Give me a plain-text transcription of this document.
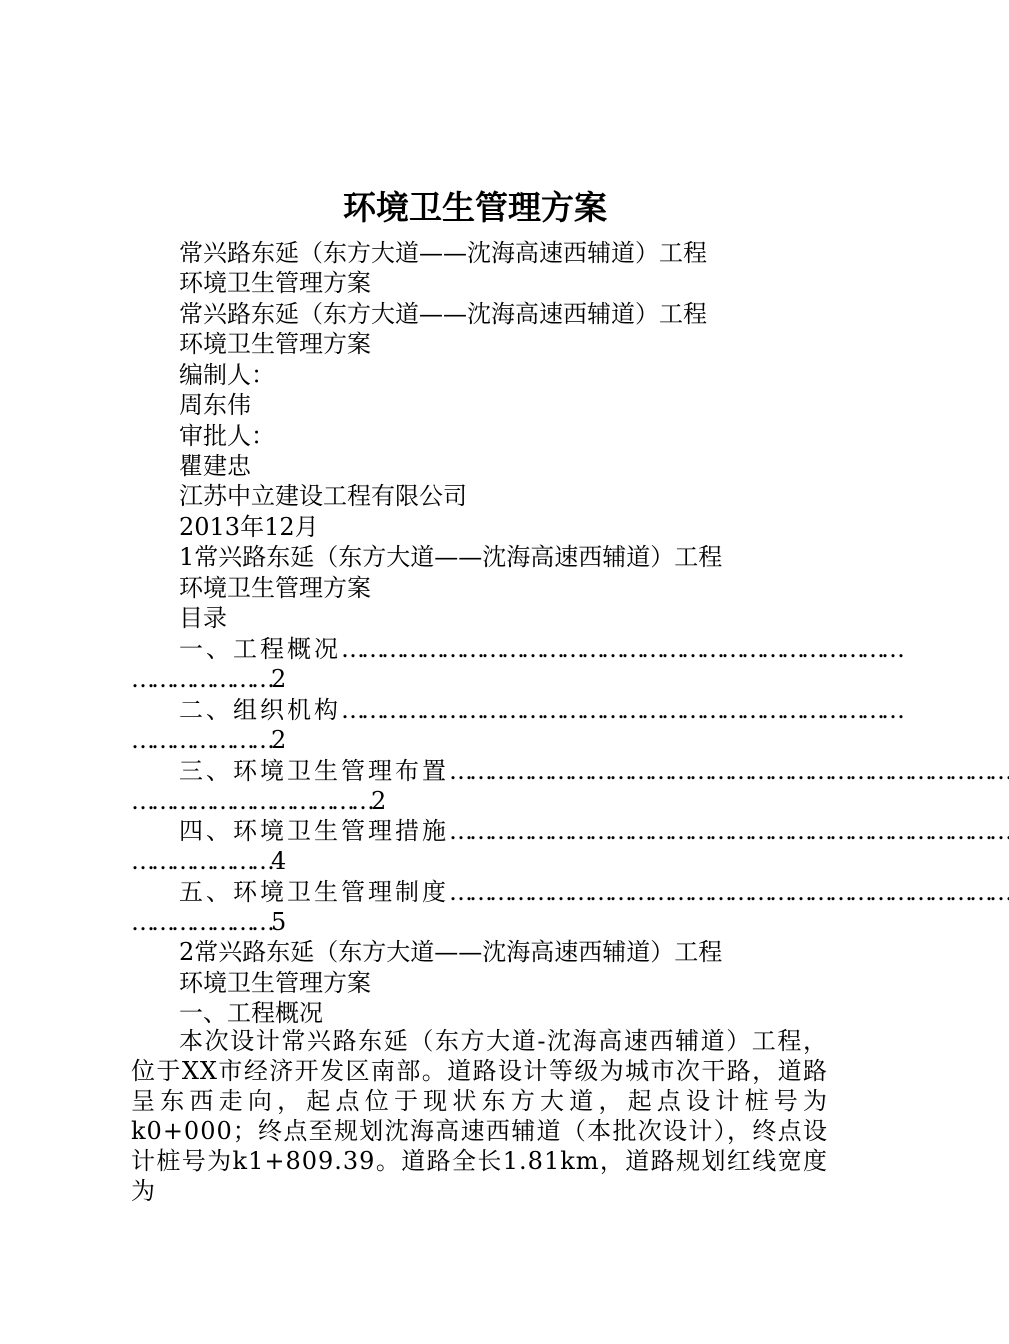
环境卫生管理方案
常兴路东延（东方大道——沈海高速西辅道）工程
环境卫生管理方案
常兴路东延（东方大道——沈海高速西辅道）工程
环境卫生管理方案
编制人：
周东伟
审批人：
瞿建忠
江苏中立建设工程有限公司
2013年12月
1常兴路东延（东方大道——沈海高速西辅道）工程
环境卫生管理方案
目录
一、工程概况 …………………………………………………………………………
…………………2
二、组织机构 …………………………………………………………………………
…………………2
三、环境卫生管理布置 …………………………………………………………………………
………………………………2
四、环境卫生管理措施 …………………………………………………………………………
…………………4
五、环境卫生管理制度 …………………………………………………………………………
…………………5
2常兴路东延（东方大道——沈海高速西辅道）工程
环境卫生管理方案
一、工程概况
本次设计常兴路东延（东方大道-沈海高速西辅道）工程，位于XX市经济开发区南部。道路设计等级为城市次干路，道路呈东西走向，起点位于现状东方大道，起点设计桩号为k0+000；终点至规划沈海高速西辅道（本批次设计），终点设计桩号为k1+809.39。道路全长1.81km，道路规划红线宽度为
